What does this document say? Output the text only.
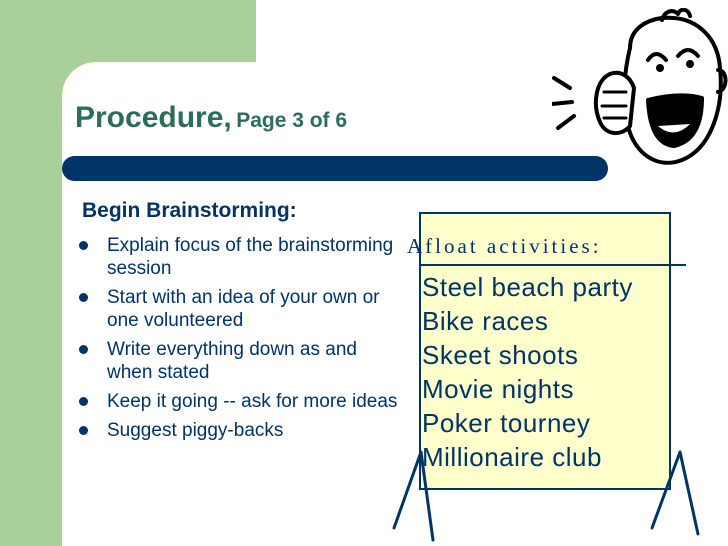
Procedure, Page 3 of 6
Begin Brainstorming:
Explain focus of the brainstorming session
Start with an idea of your own or one volunteered
Write everything down as and when stated
Keep it going -- ask for more ideas
Suggest piggy-backs
Afloat activities:
Steel beach party
Bike races
Skeet shoots
Movie nights
Poker tourney
Millionaire club
